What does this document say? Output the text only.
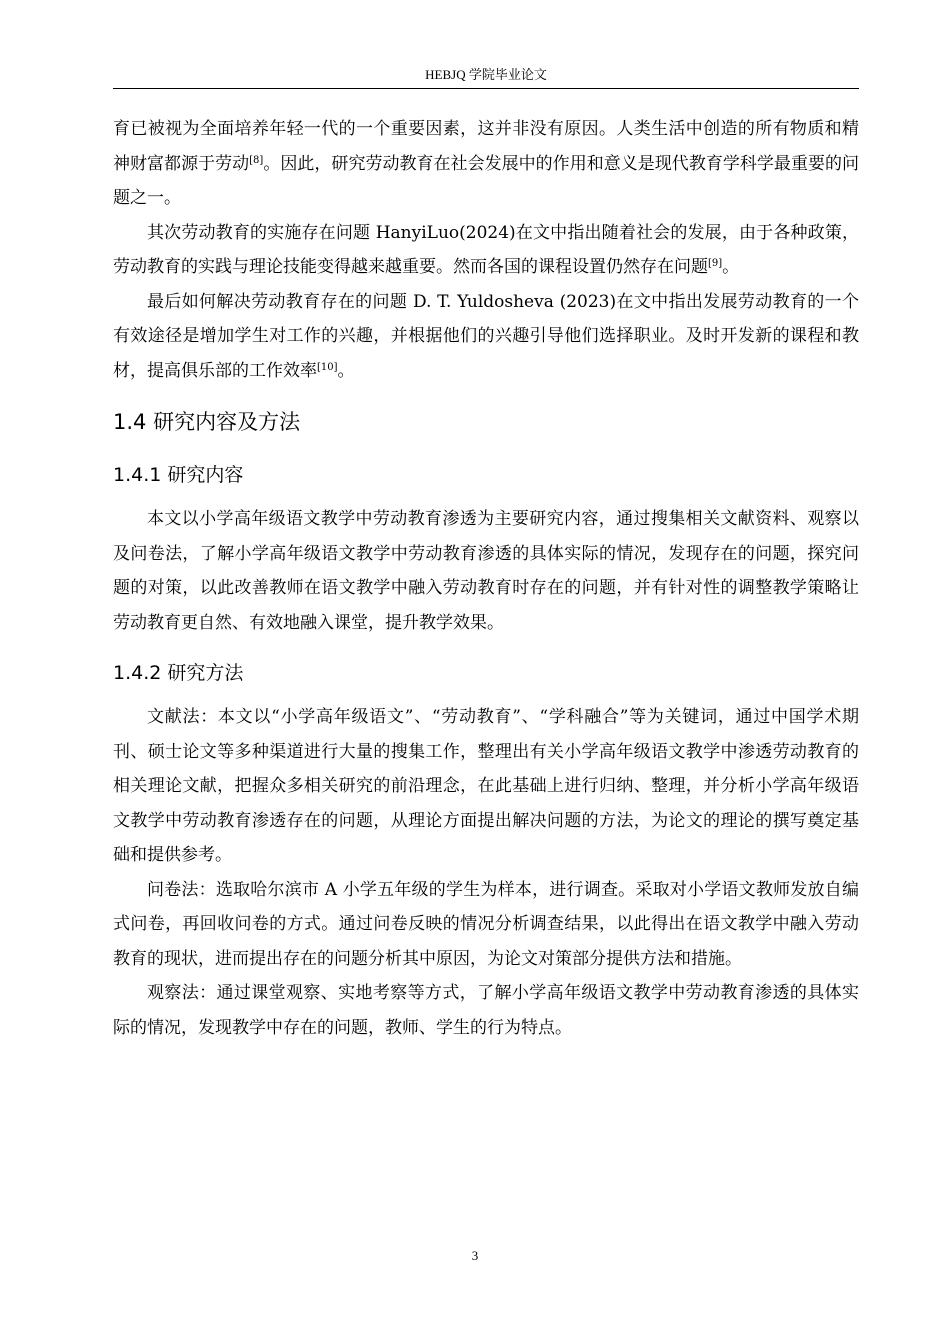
HEBJQ 学院毕业论文

育已被视为全面培养年轻一代的一个重要因素，这并非没有原因。人类生活中创造的所有物质和精神财富都源于劳动[8]。因此，研究劳动教育在社会发展中的作用和意义是现代教育学科学最重要的问题之一。

其次劳动教育的实施存在问题 HanyiLuo(2024)在文中指出随着社会的发展，由于各种政策，劳动教育的实践与理论技能变得越来越重要。然而各国的课程设置仍然存在问题[9]。

最后如何解决劳动教育存在的问题 D. T. Yuldosheva (2023)在文中指出发展劳动教育的一个有效途径是增加学生对工作的兴趣，并根据他们的兴趣引导他们选择职业。及时开发新的课程和教材，提高俱乐部的工作效率[10]。

1.4 研究内容及方法
1.4.1 研究内容

本文以小学高年级语文教学中劳动教育渗透为主要研究内容，通过搜集相关文献资料、观察以及问卷法，了解小学高年级语文教学中劳动教育渗透的具体实际的情况，发现存在的问题，探究问题的对策，以此改善教师在语文教学中融入劳动教育时存在的问题，并有针对性的调整教学策略让劳动教育更自然、有效地融入课堂，提升教学效果。

1.4.2 研究方法

文献法：本文以“小学高年级语文”、“劳动教育”、“学科融合”等为关键词，通过中国学术期刊、硕士论文等多种渠道进行大量的搜集工作，整理出有关小学高年级语文教学中渗透劳动教育的相关理论文献，把握众多相关研究的前沿理念，在此基础上进行归纳、整理，并分析小学高年级语文教学中劳动教育渗透存在的问题，从理论方面提出解决问题的方法，为论文的理论的撰写奠定基础和提供参考。

问卷法：选取哈尔滨市 A 小学五年级的学生为样本，进行调查。采取对小学语文教师发放自编式问卷，再回收问卷的方式。通过问卷反映的情况分析调查结果，以此得出在语文教学中融入劳动教育的现状，进而提出存在的问题分析其中原因，为论文对策部分提供方法和措施。

观察法：通过课堂观察、实地考察等方式，了解小学高年级语文教学中劳动教育渗透的具体实际的情况，发现教学中存在的问题，教师、学生的行为特点。

3
